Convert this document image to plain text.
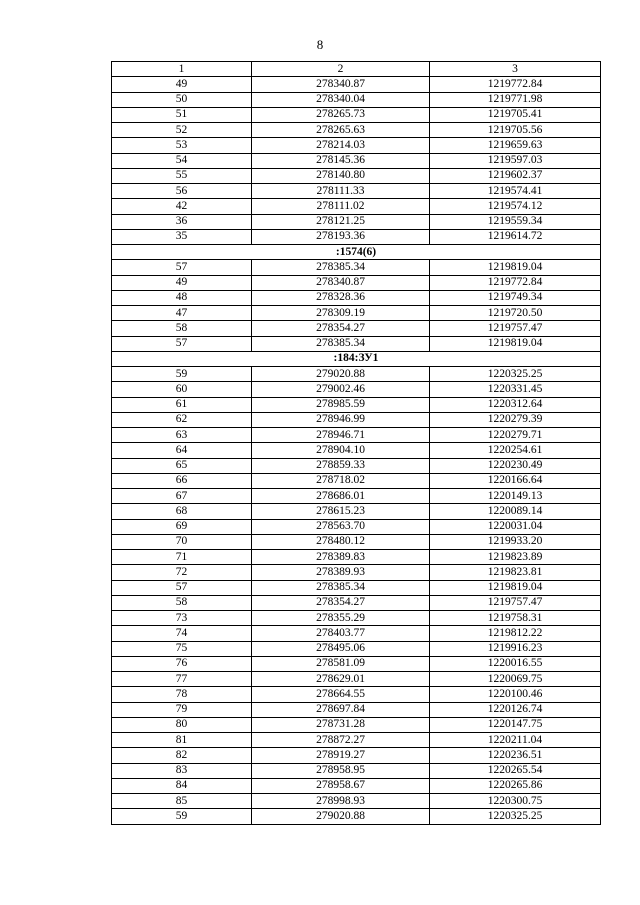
8
1	2	3
49	278340.87	1219772.84
50	278340.04	1219771.98
51	278265.73	1219705.41
52	278265.63	1219705.56
53	278214.03	1219659.63
54	278145.36	1219597.03
55	278140.80	1219602.37
56	278111.33	1219574.41
42	278111.02	1219574.12
36	278121.25	1219559.34
35	278193.36	1219614.72
:1574(6)		
57	278385.34	1219819.04
49	278340.87	1219772.84
48	278328.36	1219749.34
47	278309.19	1219720.50
58	278354.27	1219757.47
57	278385.34	1219819.04
:184:ЗУ1		
59	279020.88	1220325.25
60	279002.46	1220331.45
61	278985.59	1220312.64
62	278946.99	1220279.39
63	278946.71	1220279.71
64	278904.10	1220254.61
65	278859.33	1220230.49
66	278718.02	1220166.64
67	278686.01	1220149.13
68	278615.23	1220089.14
69	278563.70	1220031.04
70	278480.12	1219933.20
71	278389.83	1219823.89
72	278389.93	1219823.81
57	278385.34	1219819.04
58	278354.27	1219757.47
73	278355.29	1219758.31
74	278403.77	1219812.22
75	278495.06	1219916.23
76	278581.09	1220016.55
77	278629.01	1220069.75
78	278664.55	1220100.46
79	278697.84	1220126.74
80	278731.28	1220147.75
81	278872.27	1220211.04
82	278919.27	1220236.51
83	278958.95	1220265.54
84	278958.67	1220265.86
85	278998.93	1220300.75
59	279020.88	1220325.25
